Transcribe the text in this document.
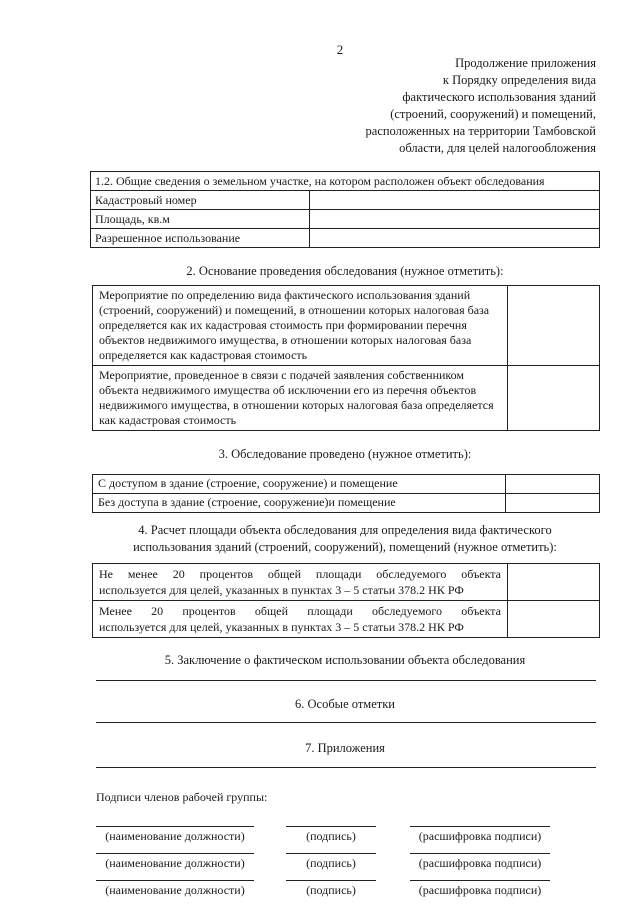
2
Продолжение приложения
к Порядку определения вида
фактического использования зданий
(строений, сооружений) и помещений,
расположенных на территории Тамбовской
области, для целей налогообложения
1.2. Общие сведения о земельном участке, на котором расположен объект обследования	
Кадастровый номер	
Площадь, кв.м	
Разрешенное использование	
2. Основание проведения обследования (нужное отметить):
Мероприятие по определению вида фактического использования зданий (строений, сооружений) и помещений, в отношении которых налоговая база определяется как их кадастровая стоимость при формировании перечня объектов недвижимого имущества, в отношении которых налоговая база определяется как кадастровая стоимость	
Мероприятие, проведенное в связи с подачей заявления собственником объекта недвижимого имущества об исключении его из перечня объектов недвижимого имущества, в отношении которых налоговая база определяется как кадастровая стоимость	
3. Обследование проведено (нужное отметить):
С доступом в здание (строение, сооружение) и помещение	
Без доступа в здание (строение, сооружение)и помещение	
4. Расчет площади объекта обследования для определения вида фактического
использования зданий (строений, сооружений), помещений (нужное отметить):
Не менее 20 процентов общей площади обследуемого объекта
используется для целей, указанных в пунктах 3 – 5 статьи 378.2 НК РФ	

Менее 20 процентов общей площади обследуемого объекта
используется для целей, указанных в пунктах 3 – 5 статьи 378.2 НК РФ	

5. Заключение о фактическом использовании объекта обследования
6. Особые отметки
7. Приложения
Подписи членов рабочей группы:
(наименование должности)	(подпись)	(расшифровка подписи)
(наименование должности)	(подпись)	(расшифровка подписи)
(наименование должности)	(подпись)	(расшифровка подписи)
